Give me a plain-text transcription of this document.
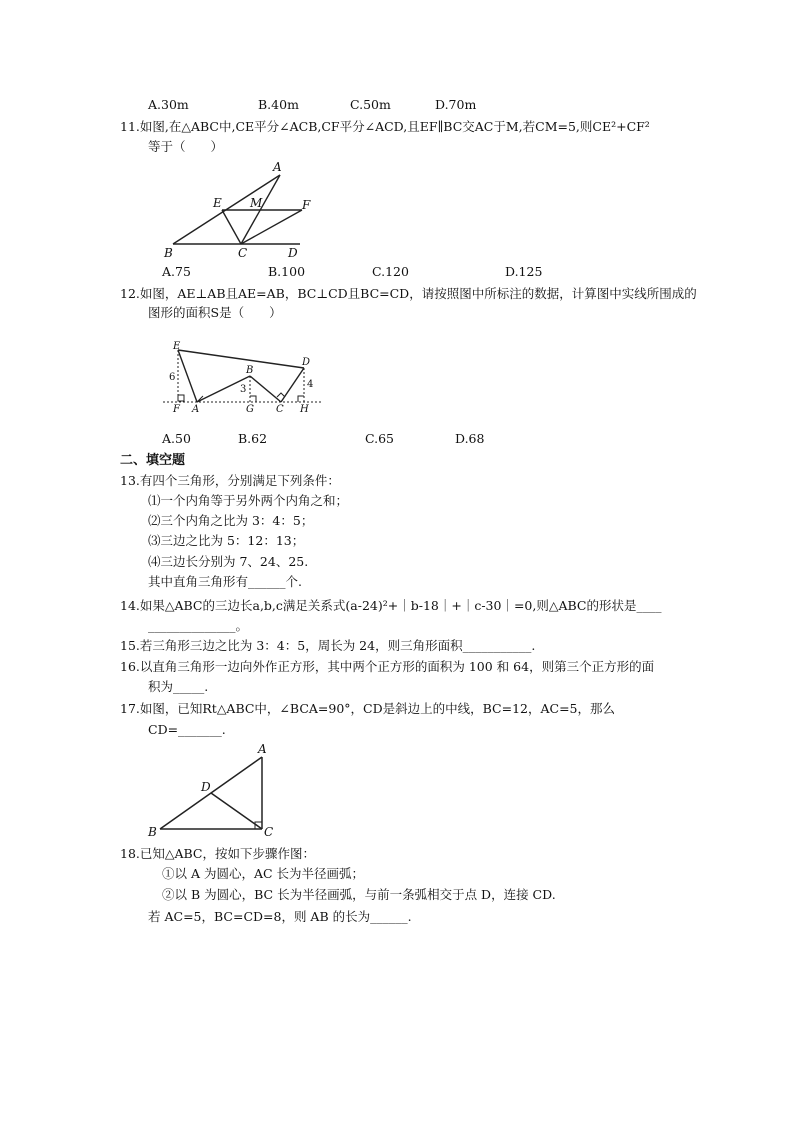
A.30m	B.40m	C.50m	D.70m
11.如图,在△ABC中,CE平分∠ACB,CF平分∠ACD,且EF∥BC交AC于M,若CM=5,则CE²+CF²
等于（　　）
A
E M	F
B	C	D
A.75	B.100	C.120	D.125
12.如图，AE⊥AB且AE=AB，BC⊥CD且BC=CD，请按照图中所标注的数据，计算图中实线所围成的
图形的面积S是（　　）
E
D
6
B
3	4
F A	G C H
A.50	B.62	C.65	D.68
二、填空题
13.有四个三角形，分别满足下列条件：
⑴一个内角等于另外两个内角之和；
⑵三个内角之比为 3：4：5；
⑶三边之比为 5：12：13；
⑷三边长分别为 7、24、25.
其中直角三角形有______个.
14.如果△ABC的三边长a,b,c满足关系式(a-24)²+｜b-18｜+｜c-30｜=0,则△ABC的形状是____
______________。
15.若三角形三边之比为 3：4：5，周长为 24，则三角形面积___________.
16.以直角三角形一边向外作正方形，其中两个正方形的面积为 100 和 64，则第三个正方形的面
积为_____.
17.如图，已知Rt△ABC中，∠BCA=90°，CD是斜边上的中线，BC=12，AC=5，那么
CD=_______.
A
D
B	C
18.已知△ABC，按如下步骤作图：
①以 A 为圆心，AC 长为半径画弧；
②以 B 为圆心，BC 长为半径画弧，与前一条弧相交于点 D，连接 CD.
若 AC=5，BC=CD=8，则 AB 的长为______.
